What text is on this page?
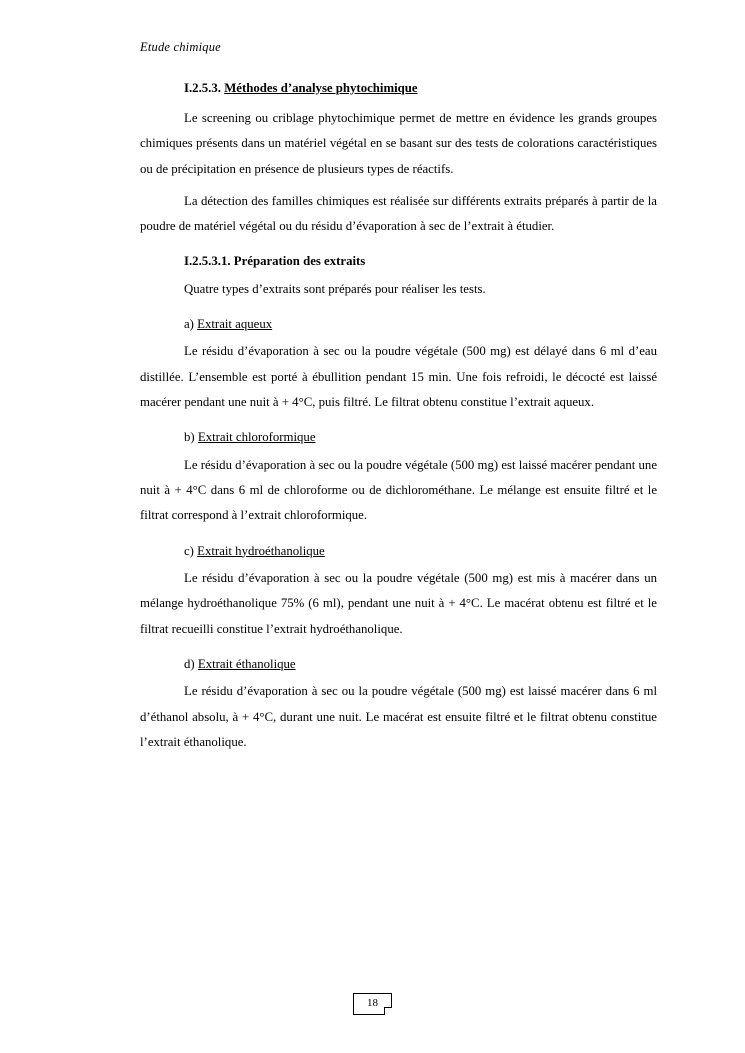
Etude chimique
I.2.5.3. Méthodes d’analyse phytochimique

Le screening ou criblage phytochimique permet de mettre en évidence les grands groupes chimiques présents dans un matériel végétal en se basant sur des tests de colorations caractéristiques ou de précipitation en présence de plusieurs types de réactifs.

La détection des familles chimiques est réalisée sur différents extraits préparés à partir de la poudre de matériel végétal ou du résidu d’évaporation à sec de l’extrait à étudier.

I.2.5.3.1. Préparation des extraits

Quatre types d’extraits sont préparés pour réaliser les tests.

a) Extrait aqueux

Le résidu d’évaporation à sec ou la poudre végétale (500 mg) est délayé dans 6 ml d’eau distillée. L’ensemble est porté à ébullition pendant 15 min. Une fois refroidi, le décocté est laissé macérer pendant une nuit à + 4°C, puis filtré. Le filtrat obtenu constitue l’extrait aqueux.

b) Extrait chloroformique

Le résidu d’évaporation à sec ou la poudre végétale (500 mg) est laissé macérer pendant une nuit à + 4°C dans 6 ml de chloroforme ou de dichlorométhane. Le mélange est ensuite filtré et le filtrat correspond à l’extrait chloroformique.

c) Extrait hydroéthanolique

Le résidu d’évaporation à sec ou la poudre végétale (500 mg) est mis à macérer dans un mélange hydroéthanolique 75% (6 ml), pendant une nuit à + 4°C. Le macérat obtenu est filtré et le filtrat recueilli constitue l’extrait hydroéthanolique.

d) Extrait éthanolique

Le résidu d’évaporation à sec ou la poudre végétale (500 mg) est laissé macérer dans 6 ml d’éthanol absolu, à + 4°C, durant une nuit. Le macérat est ensuite filtré et le filtrat obtenu constitue l’extrait éthanolique.

18
